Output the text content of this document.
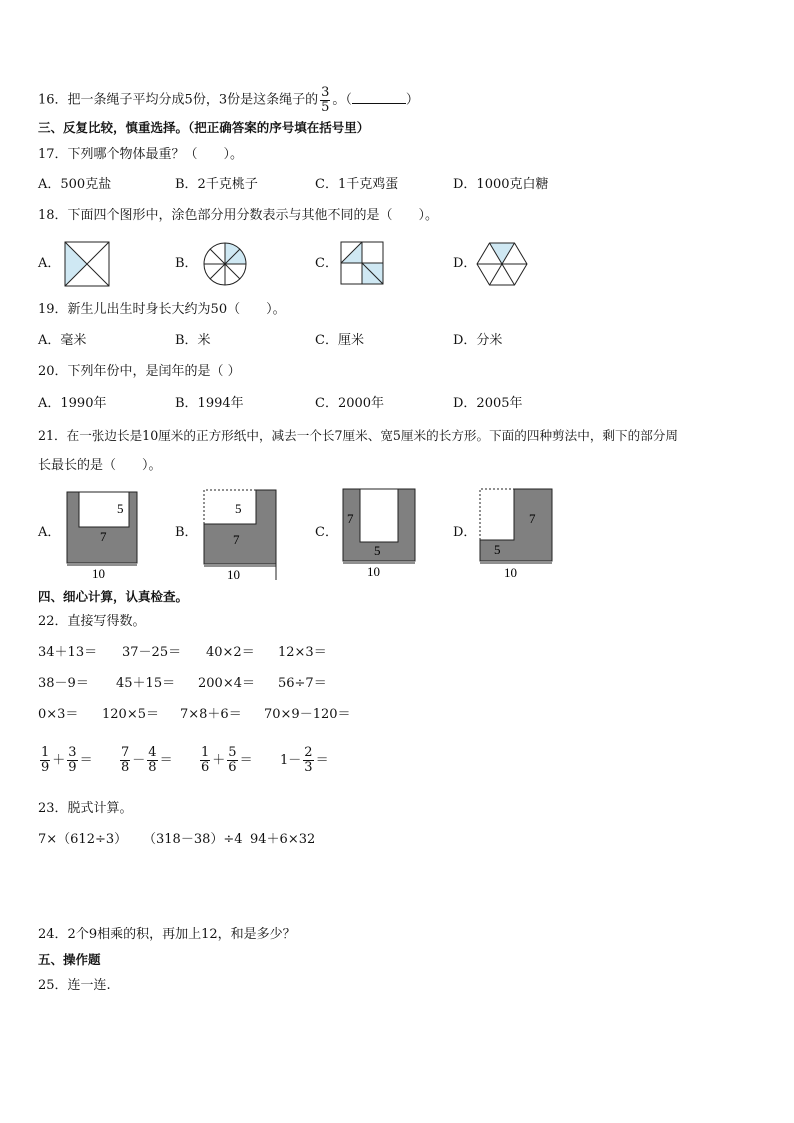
16．把一条绳子平均分成5份，3份是这条绳子的 $\frac{3}{5}$ 。（	）
三、反复比较，慎重选择。（把正确答案的序号填在括号里）
17．下列哪个物体最重？（　　）。
A．500克盐	B．2千克桃子	C．1千克鸡蛋	D．1000克白糖
18．下面四个图形中，涂色部分用分数表示与其他不同的是（　　）。
A．	B．	C．	D．
19．新生儿出生时身长大约为50（　　）。
A．毫米	B．米	C．厘米	D．分米
20．下列年份中，是闰年的是（ ）
A．1990年	B．1994年	C．2000年	D．2005年
21．在一张边长是10厘米的正方形纸中，减去一个长7厘米、宽5厘米的长方形。下面的四种剪法中，剩下的部分周
长最长的是（　　）。
A．	B．	C．	D．
5
7
10
5
7
10
7
5
10
7
5
10
四、细心计算，认真检查。
22．直接写得数。
34＋13＝ 37－25＝ 40×2＝ 12×3＝
38－9＝ 45＋15＝ 200×4＝ 56÷7＝
0×3＝ 120×5＝ 7×8＋6＝ 70×9－120＝
$\frac{1}{9} + \frac{3}{9} = \frac{7}{8} - \frac{4}{8} = \frac{1}{6} + \frac{5}{6} = 1- \frac{2}{3}$ ＝
23．脱式计算。
7×（612÷3） （318－38）÷4 94＋6×32
24．2个9相乘的积，再加上12，和是多少？
五、操作题
25．连一连.
